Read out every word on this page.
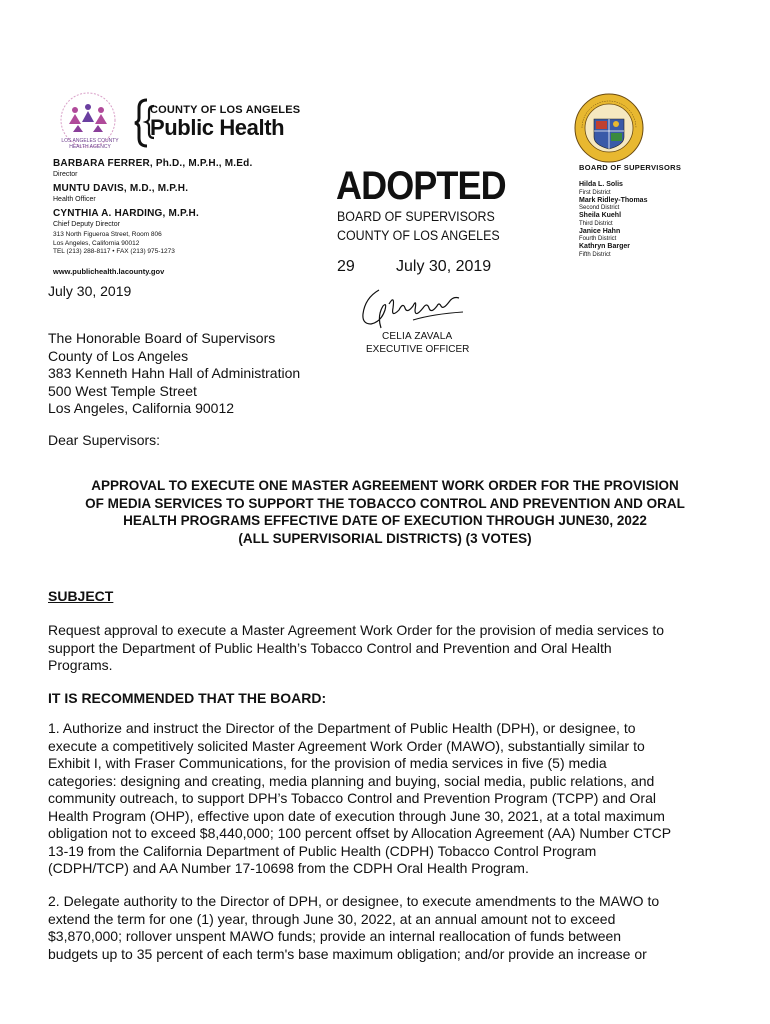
COUNTY OF LOS ANGELES
Public Health
LOS ANGELES COUNTY HEALTH AGENCY
BARBARA FERRER, Ph.D., M.P.H., M.Ed.
Director
MUNTU DAVIS, M.D., M.P.H.
Health Officer
CYNTHIA A. HARDING, M.P.H.
Chief Deputy Director
313 North Figueroa Street, Room 806
Los Angeles, California 90012
TEL (213) 288-8117 • FAX (213) 975-1273
www.publichealth.lacounty.gov
July 30, 2019
ADOPTED
BOARD OF SUPERVISORS
COUNTY OF LOS ANGELES
29	July 30, 2019
CELIA ZAVALA
EXECUTIVE OFFICER
BOARD OF SUPERVISORS
Hilda L. Solis
First District
Mark Ridley-Thomas
Second District
Sheila Kuehl
Third District
Janice Hahn
Fourth District
Kathryn Barger
Fifth District
The Honorable Board of Supervisors
County of Los Angeles
383 Kenneth Hahn Hall of Administration
500 West Temple Street
Los Angeles, California 90012
Dear Supervisors:
APPROVAL TO EXECUTE ONE MASTER AGREEMENT WORK ORDER FOR THE PROVISION
OF MEDIA SERVICES TO SUPPORT THE TOBACCO CONTROL AND PREVENTION AND ORAL
HEALTH PROGRAMS EFFECTIVE DATE OF EXECUTION THROUGH JUNE30, 2022
(ALL SUPERVISORIAL DISTRICTS) (3 VOTES)
SUBJECT
Request approval to execute a Master Agreement Work Order for the provision of media services to
support the Department of Public Health’s Tobacco Control and Prevention and Oral Health
Programs.
IT IS RECOMMENDED THAT THE BOARD:
1. Authorize and instruct the Director of the Department of Public Health (DPH), or designee, to
execute a competitively solicited Master Agreement Work Order (MAWO), substantially similar to
Exhibit I, with Fraser Communications, for the provision of media services in five (5) media
categories: designing and creating, media planning and buying, social media, public relations, and
community outreach, to support DPH’s Tobacco Control and Prevention Program (TCPP) and Oral
Health Program (OHP), effective upon date of execution through June 30, 2021, at a total maximum
obligation not to exceed $8,440,000; 100 percent offset by Allocation Agreement (AA) Number CTCP
13-19 from the California Department of Public Health (CDPH) Tobacco Control Program
(CDPH/TCP) and AA Number 17-10698 from the CDPH Oral Health Program.
2. Delegate authority to the Director of DPH, or designee, to execute amendments to the MAWO to
extend the term for one (1) year, through June 30, 2022, at an annual amount not to exceed
$3,870,000; rollover unspent MAWO funds; provide an internal reallocation of funds between
budgets up to 35 percent of each term's base maximum obligation; and/or provide an increase or
